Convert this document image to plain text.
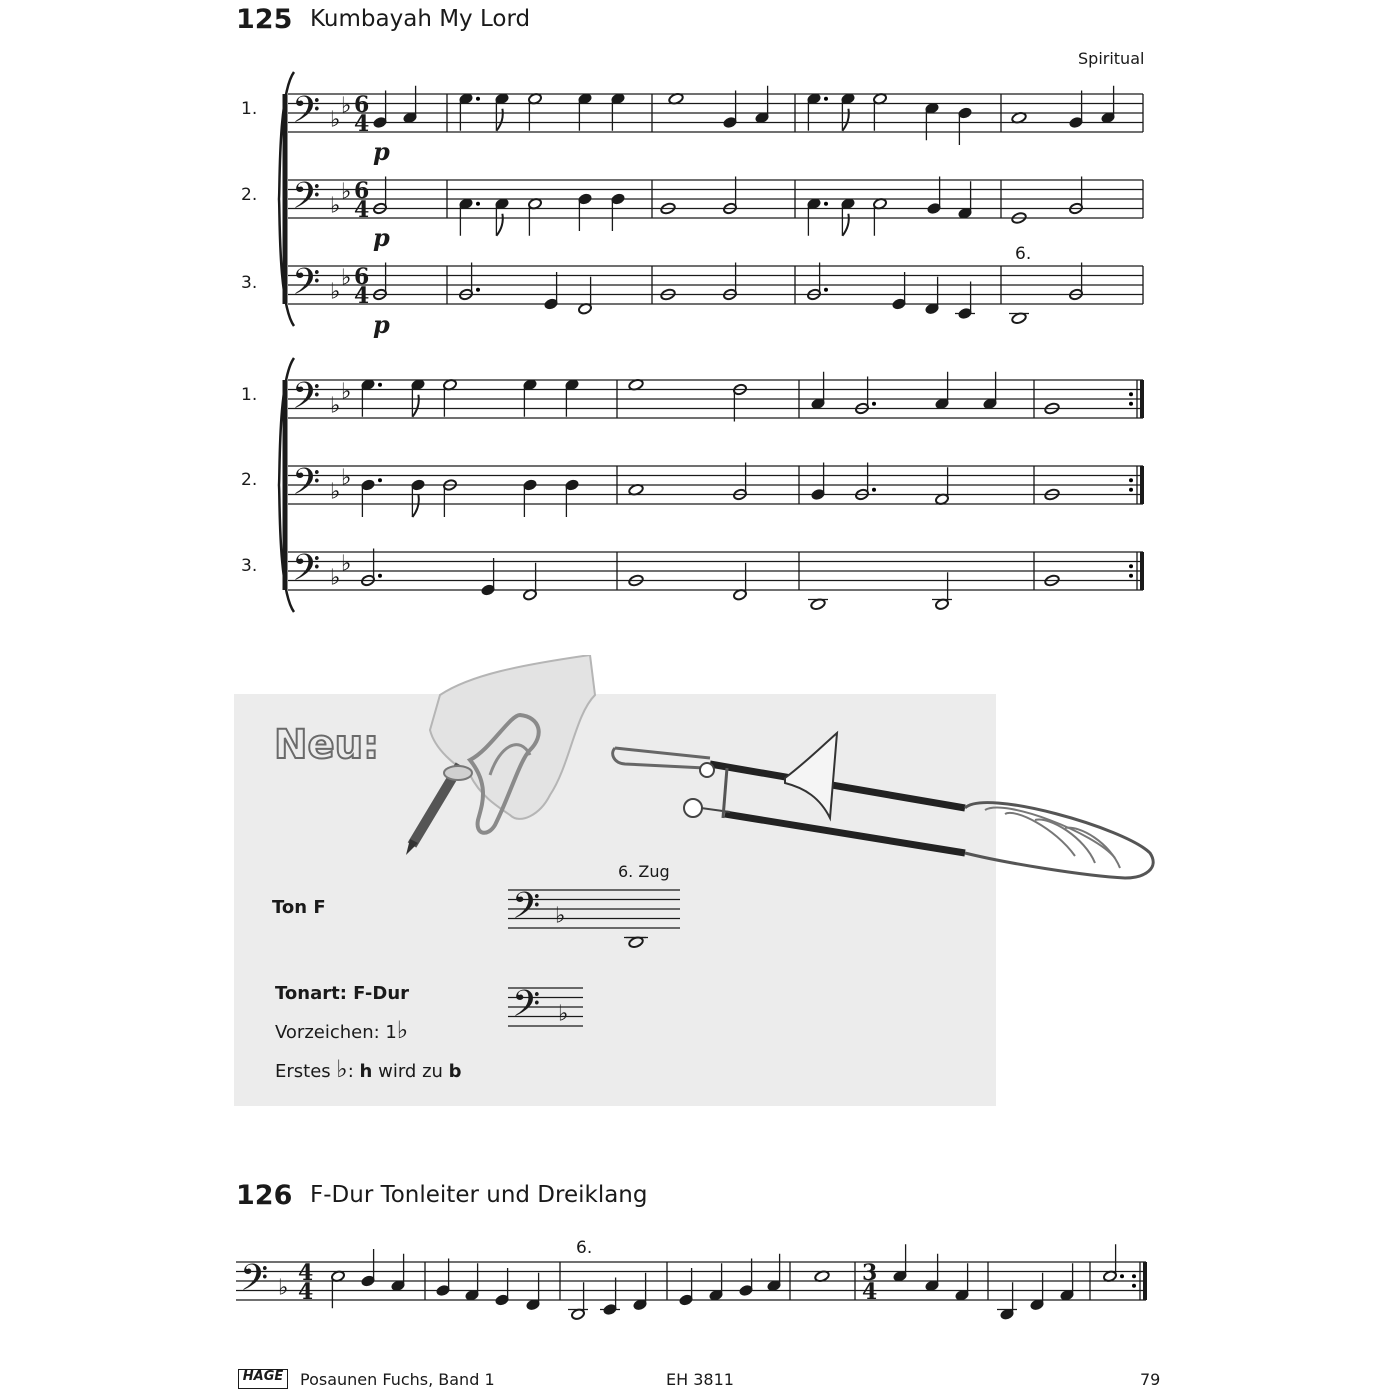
125 Kumbayah My Lord
Spiritual
1.
2.
3.
1.
2.
3.
p
p
p
6.
Neu:
Ton F
6. Zug
Tonart: F-Dur
Vorzeichen: 1♭
Erstes ♭: h wird zu b
126 F-Dur Tonleiter und Dreiklang
6.
HAGE Posaunen Fuchs, Band 1	EH 3811	79
𝄢 ♭
♭ 6
4
𝄢 ♭
♭ 6
4
𝄢 ♭
♭ 6
4
𝄢 ♭
♭
𝄢 ♭
♭
𝄢 ♭
♭
𝄢 ♭
𝄢 ♭
𝄢 ♭
4
4
3
4
